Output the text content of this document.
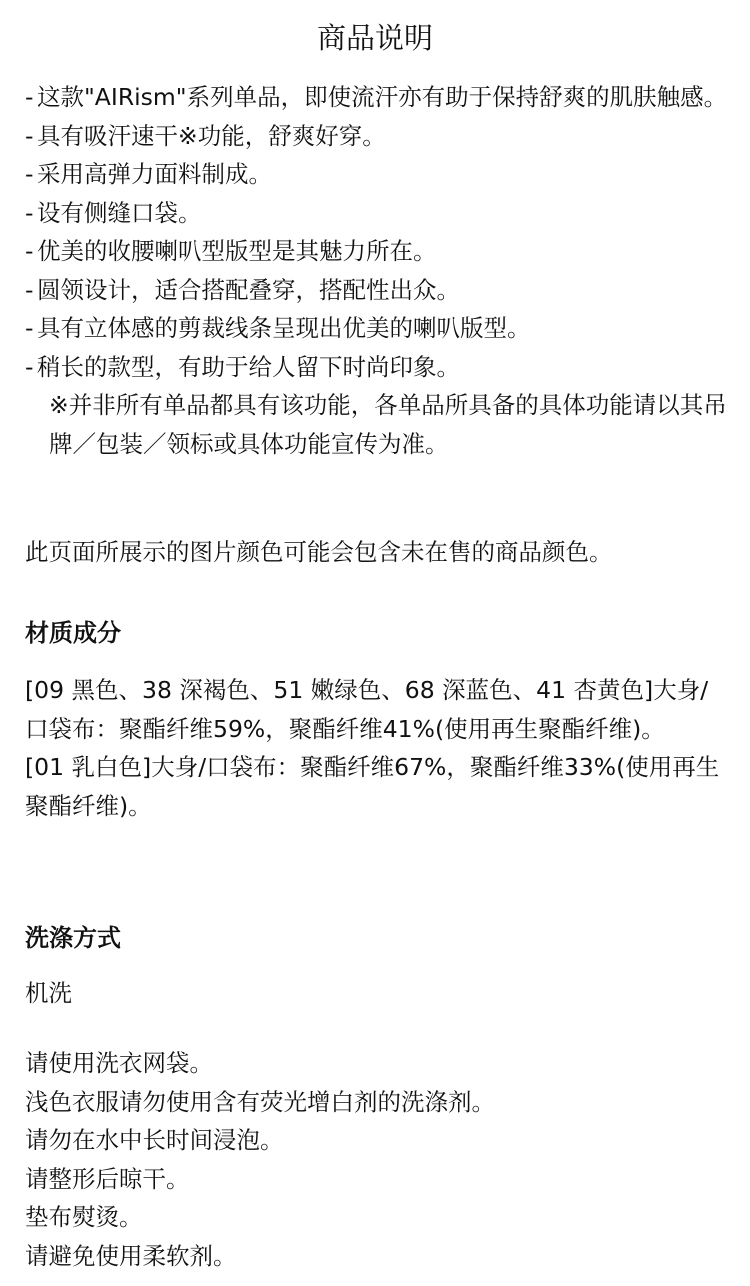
商品说明
- 这款"AIRism"系列单品，即使流汗亦有助于保持舒爽的肌肤触感。
- 具有吸汗速干※功能，舒爽好穿。
- 采用高弹力面料制成。
- 设有侧缝口袋。
- 优美的收腰喇叭型版型是其魅力所在。
- 圆领设计，适合搭配叠穿，搭配性出众。
- 具有立体感的剪裁线条呈现出优美的喇叭版型。
- 稍长的款型，有助于给人留下时尚印象。

※并非所有单品都具有该功能，各单品所具备的具体功能请以其吊牌／包装／领标或具体功能宣传为准。

此页面所展示的图片颜色可能会包含未在售的商品颜色。
材质成分

[09 黑色、38 深褐色、51 嫩绿色、68 深蓝色、41 杏黄色]大身/口袋布：聚酯纤维59%，聚酯纤维41%(使用再生聚酯纤维)。

[01 乳白色]大身/口袋布：聚酯纤维67%，聚酯纤维33%(使用再生聚酯纤维)。

洗涤方式
机洗
请使用洗衣网袋。
浅色衣服请勿使用含有荧光增白剂的洗涤剂。
请勿在水中长时间浸泡。
请整形后晾干。
垫布熨烫。
请避免使用柔软剂。
